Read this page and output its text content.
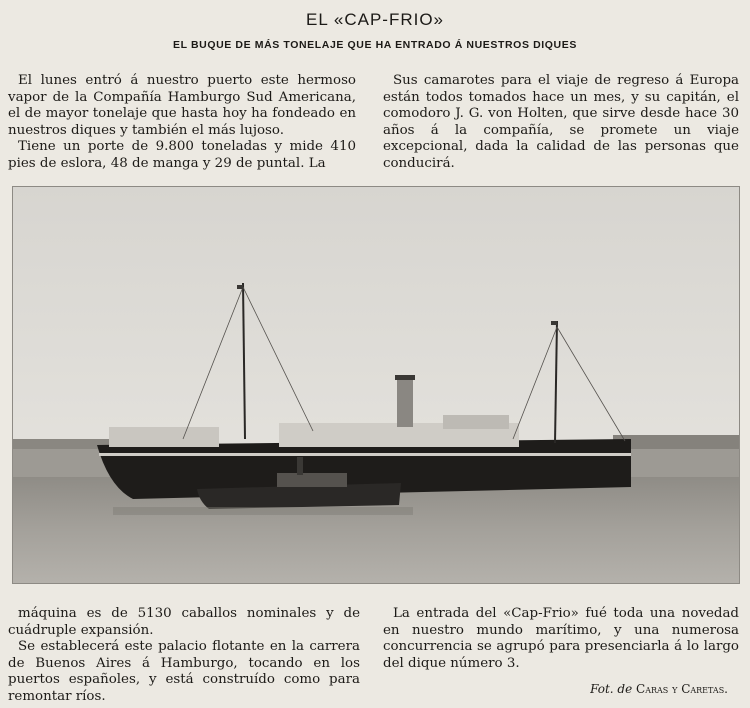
EL «CAP-FRIO»
EL BUQUE DE MÁS TONELAJE QUE HA ENTRADO Á NUESTROS DIQUES

El lunes entró á nuestro puerto este hermoso vapor de la Compañía Hamburgo Sud Americana, el de mayor tonelaje que hasta hoy ha fondeado en nuestros diques y también el más lujoso.

Tiene un porte de 9.800 toneladas y mide 410 pies de eslora, 48 de manga y 29 de puntal. La

Sus camarotes para el viaje de regreso á Europa están todos tomados hace un mes, y su capitán, el comodoro J. G. von Holten, que sirve desde hace 30 años á la compañía, se promete un viaje excepcional, dada la calidad de las personas que conducirá.

máquina es de 5130 caballos nominales y de cuádruple expansión.

Se establecerá este palacio flotante en la carrera de Buenos Aires á Hamburgo, tocando en los puertos españoles, y está construído como para remontar ríos.

La entrada del «Cap-Frio» fué toda una novedad en nuestro mundo marítimo, y una numerosa concurrencia se agrupó para presenciarla á lo largo del dique número 3.

Fot. de Caras y Caretas.
